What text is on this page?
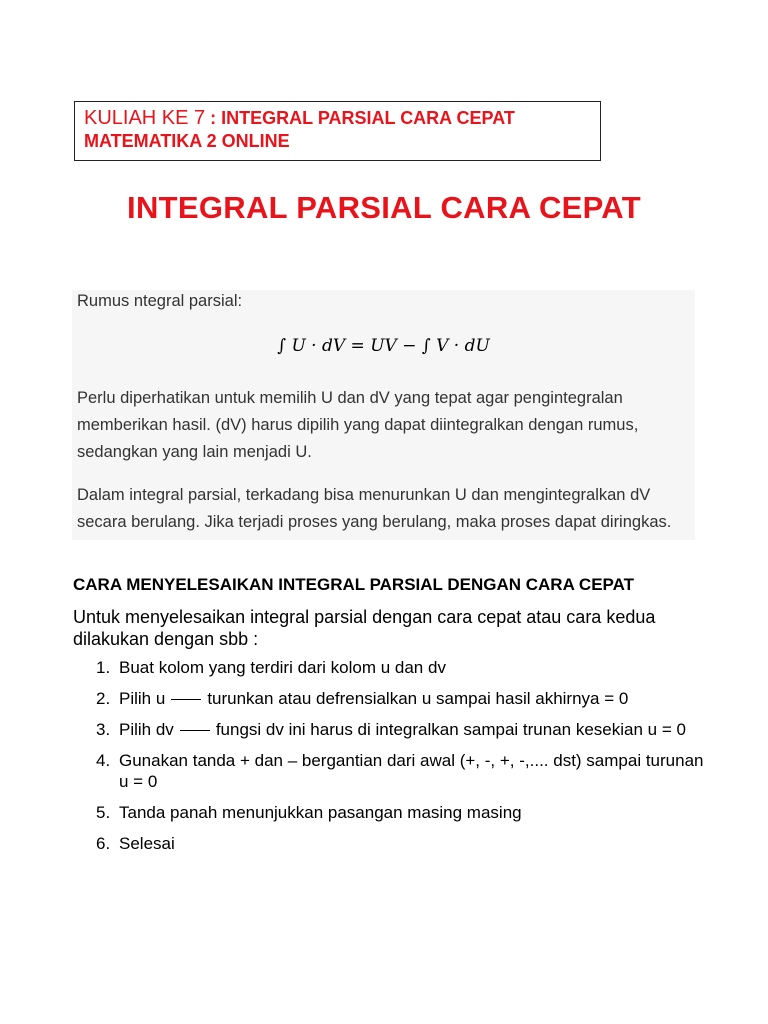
KULIAH KE 7 : INTEGRAL PARSIAL CARA CEPAT
MATEMATIKA 2 ONLINE
INTEGRAL PARSIAL CARA CEPAT
Rumus ntegral parsial:
∫ U · dV = UV − ∫ V · dU
Perlu diperhatikan untuk memilih U dan dV yang tepat agar pengintegralan memberikan hasil. (dV) harus dipilih yang dapat diintegralkan dengan rumus, sedangkan yang lain menjadi U.
Dalam integral parsial, terkadang bisa menurunkan U dan mengintegralkan dV secara berulang. Jika terjadi proses yang berulang, maka proses dapat diringkas.
CARA MENYELESAIKAN INTEGRAL PARSIAL DENGAN CARA CEPAT
Untuk menyelesaikan integral parsial dengan cara cepat atau cara kedua dilakukan dengan sbb :
1. Buat kolom yang terdiri dari kolom u dan dv
2. Pilih u turunkan atau defrensialkan u sampai hasil akhirnya = 0
3. Pilih dv fungsi dv ini harus di integralkan sampai trunan kesekian u = 0
4. Gunakan tanda + dan – bergantian dari awal (+, -, +, -,.... dst) sampai turunan u = 0
5. Tanda panah menunjukkan pasangan masing masing
6. Selesai
